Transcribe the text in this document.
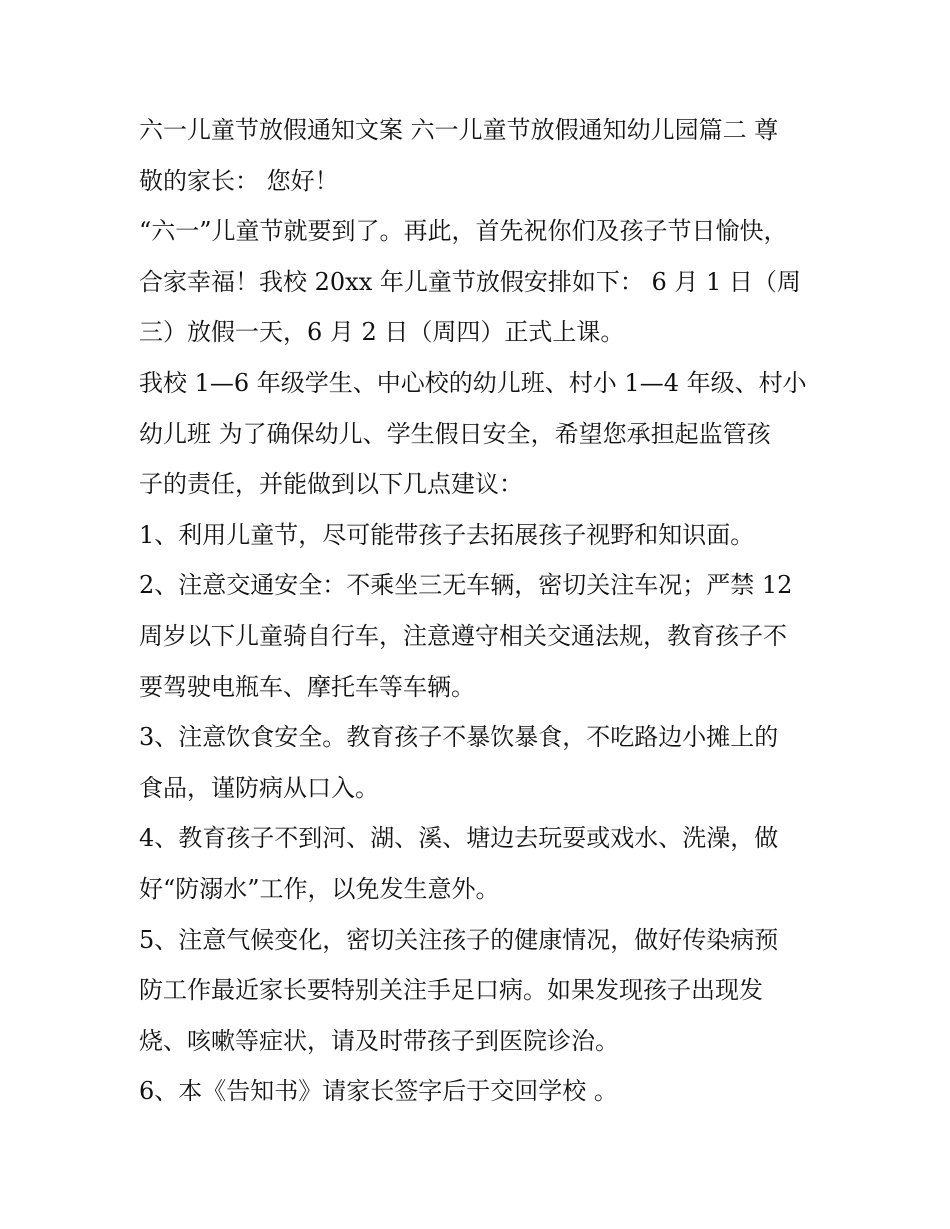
六一儿童节放假通知文案 六一儿童节放假通知幼儿园篇二 尊
敬的家长： 您好！
“六一”儿童节就要到了。再此，首先祝你们及孩子节日愉快，
合家幸福！我校 20xx 年儿童节放假安排如下： 6 月 1 日（周
三）放假一天，6 月 2 日（周四）正式上课。
我校 1—6 年级学生、中心校的幼儿班、村小 1—4 年级、村小
幼儿班 为了确保幼儿、学生假日安全，希望您承担起监管孩
子的责任，并能做到以下几点建议：
1、利用儿童节，尽可能带孩子去拓展孩子视野和知识面。
2、注意交通安全：不乘坐三无车辆，密切关注车况；严禁 12
周岁以下儿童骑自行车，注意遵守相关交通法规，教育孩子不
要驾驶电瓶车、摩托车等车辆。
3、注意饮食安全。教育孩子不暴饮暴食，不吃路边小摊上的
食品，谨防病从口入。
4、教育孩子不到河、湖、溪、塘边去玩耍或戏水、洗澡，做
好“防溺水”工作，以免发生意外。
5、注意气候变化，密切关注孩子的健康情况，做好传染病预
防工作最近家长要特别关注手足口病。如果发现孩子出现发
烧、咳嗽等症状，请及时带孩子到医院诊治。
6、本《告知书》请家长签字后于交回学校 。
